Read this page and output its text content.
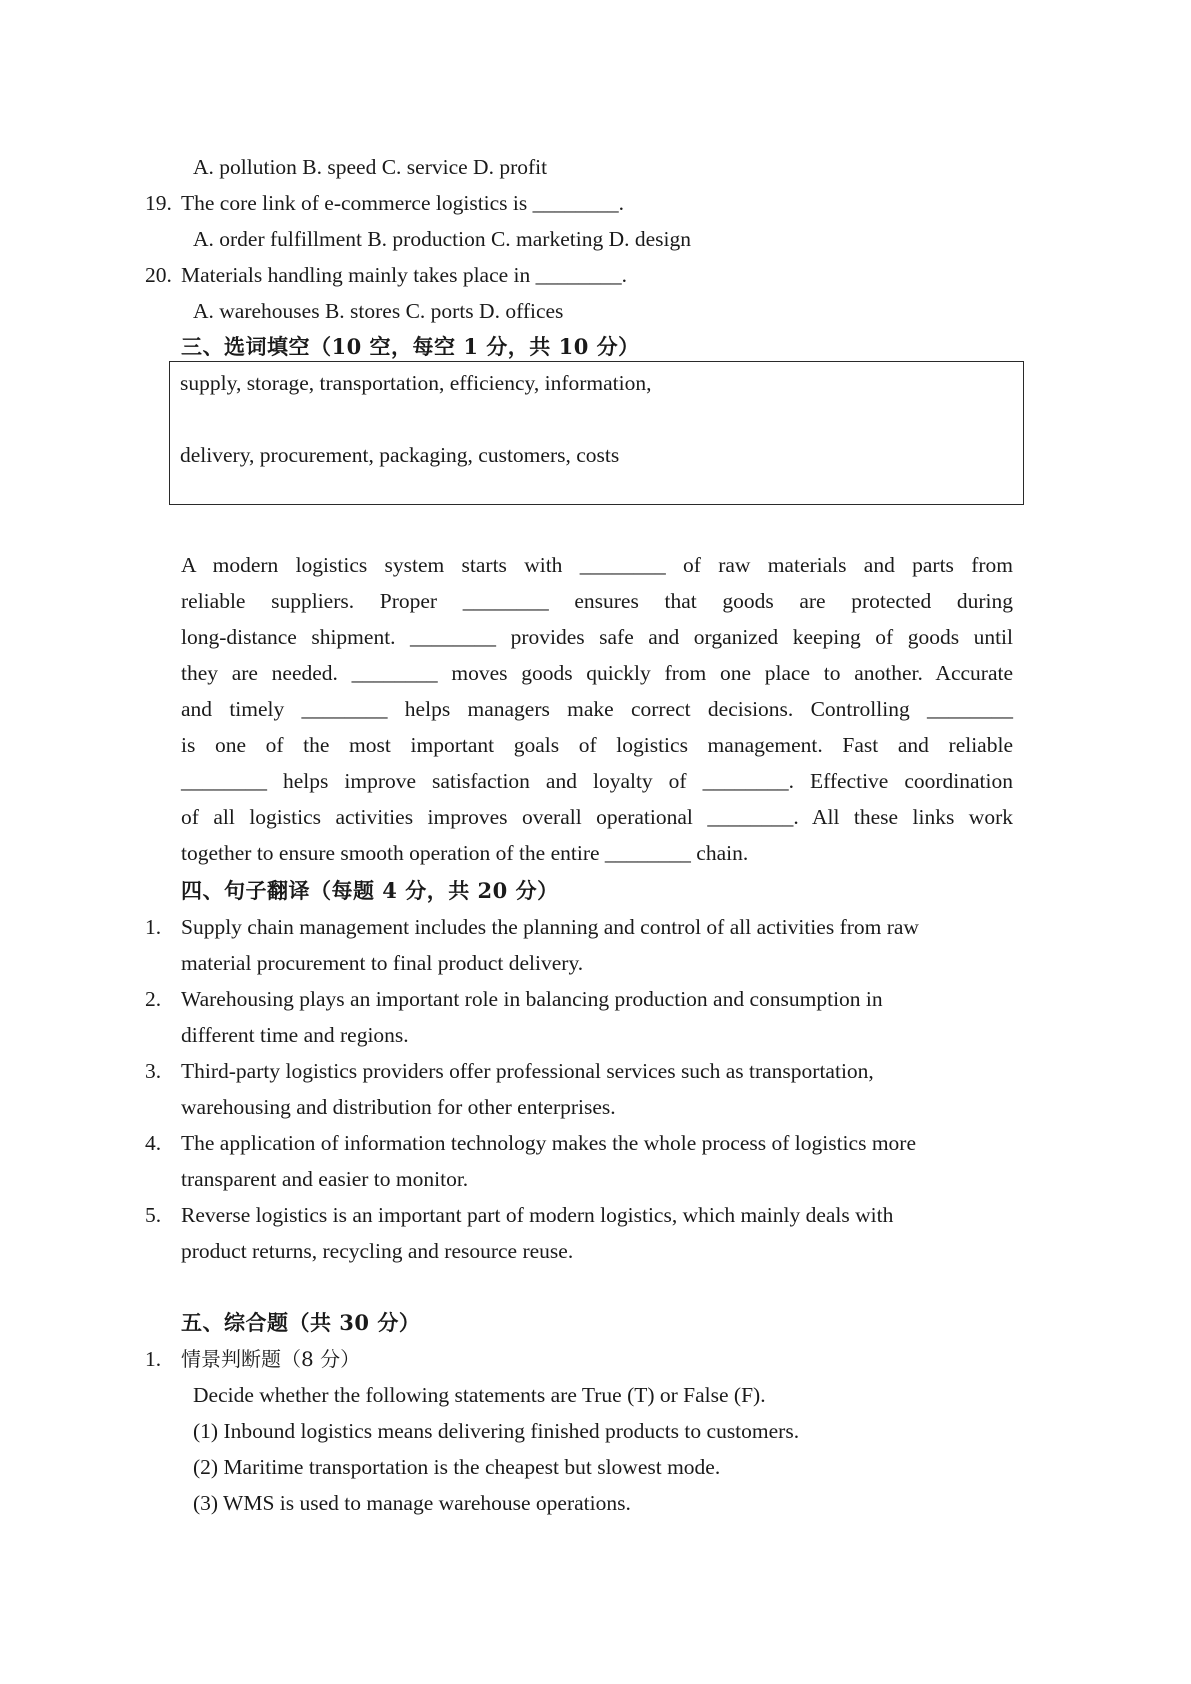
A. pollution B. speed C. service D. profit
19. The core link of e-commerce logistics is ________.
A. order fulfillment B. production C. marketing D. design
20. Materials handling mainly takes place in ________.
A. warehouses B. stores C. ports D. offices
三、选词填空（10 空，每空 1 分，共 10 分）
supply, storage, transportation, efficiency, information,
delivery, procurement, packaging, customers, costs
A modern logistics system starts with ________ of raw materials and parts from
reliable suppliers. Proper ________ ensures that goods are protected during
long-distance shipment. ________ provides safe and organized keeping of goods until
they are needed. ________ moves goods quickly from one place to another. Accurate
and timely ________ helps managers make correct decisions. Controlling ________
is one of the most important goals of logistics management. Fast and reliable
________ helps improve satisfaction and loyalty of ________. Effective coordination
of all logistics activities improves overall operational ________. All these links work
together to ensure smooth operation of the entire ________ chain.
四、句子翻译（每题 4 分，共 20 分）
1. Supply chain management includes the planning and control of all activities from raw
material procurement to final product delivery.
2. Warehousing plays an important role in balancing production and consumption in
different time and regions.
3. Third-party logistics providers offer professional services such as transportation,
warehousing and distribution for other enterprises.
4. The application of information technology makes the whole process of logistics more
transparent and easier to monitor.
5. Reverse logistics is an important part of modern logistics, which mainly deals with
product returns, recycling and resource reuse.
五、综合题（共 30 分）
1. 情景判断题（8 分）
Decide whether the following statements are True (T) or False (F).
(1) Inbound logistics means delivering finished products to customers.
(2) Maritime transportation is the cheapest but slowest mode.
(3) WMS is used to manage warehouse operations.
